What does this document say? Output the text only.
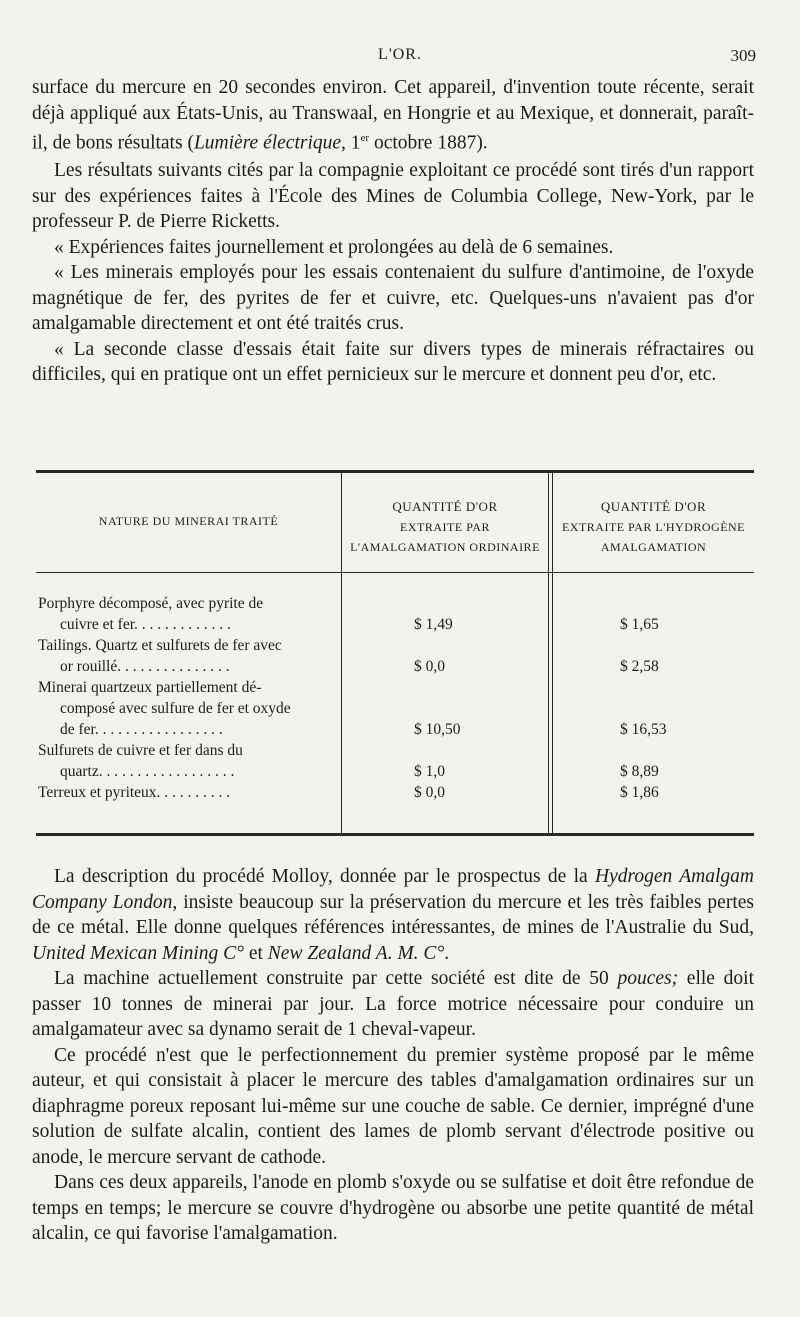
L'OR.	309

surface du mercure en 20 secondes environ. Cet appareil, d'invention toute récente, serait déjà appliqué aux États-Unis, au Transwaal, en Hongrie et au Mexique, et donnerait, paraît-il, de bons résultats (Lumière électrique, 1er octobre 1887).

Les résultats suivants cités par la compagnie exploitant ce procédé sont tirés d'un rapport sur des expériences faites à l'École des Mines de Columbia College, New-York, par le professeur P. de Pierre Ricketts.

« Expériences faites journellement et prolongées au delà de 6 semaines.

« Les minerais employés pour les essais contenaient du sulfure d'antimoine, de l'oxyde magnétique de fer, des pyrites de fer et cuivre, etc. Quelques-uns n'avaient pas d'or amalgamable directement et ont été traités crus.

« La seconde classe d'essais était faite sur divers types de minerais réfractaires ou difficiles, qui en pratique ont un effet pernicieux sur le mercure et donnent peu d'or, etc.

NATURE DU MINERAI TRAITÉ
QUANTITÉ D'OR
EXTRAITE PAR
L'AMALGAMATION ORDINAIRE
QUANTITÉ D'OR
EXTRAITE PAR L'HYDROGÈNE
AMALGAMATION
Porphyre décomposé, avec pyrite de
cuivre et fer. . . . . . . . . . . . .	$ 1,49	$ 1,65
Tailings. Quartz et sulfurets de fer avec
or rouillé. . . . . . . . . . . . . . .	$ 0,0	$ 2,58
Minerai quartzeux partiellement dé-
composé avec sulfure de fer et oxyde
de fer. . . . . . . . . . . . . . . . .	$ 10,50	$ 16,53
Sulfurets de cuivre et fer dans du
quartz. . . . . . . . . . . . . . . . . .	$ 1,0	$ 8,89
Terreux et pyriteux. . . . . . . . . .	$ 0,0	$ 1,86

La description du procédé Molloy, donnée par le prospectus de la Hydrogen Amalgam Company London, insiste beaucoup sur la préservation du mercure et les très faibles pertes de ce métal. Elle donne quelques références intéressantes, de mines de l'Australie du Sud, United Mexican Mining C° et New Zealand A. M. C°.

La machine actuellement construite par cette société est dite de 50 pouces; elle doit passer 10 tonnes de minerai par jour. La force motrice nécessaire pour conduire un amalgamateur avec sa dynamo serait de 1 cheval-vapeur.

Ce procédé n'est que le perfectionnement du premier système proposé par le même auteur, et qui consistait à placer le mercure des tables d'amalgamation ordinaires sur un diaphragme poreux reposant lui-même sur une couche de sable. Ce dernier, imprégné d'une solution de sulfate alcalin, contient des lames de plomb servant d'électrode positive ou anode, le mercure servant de cathode.

Dans ces deux appareils, l'anode en plomb s'oxyde ou se sulfatise et doit être refondue de temps en temps; le mercure se couvre d'hydrogène ou absorbe une petite quantité de métal alcalin, ce qui favorise l'amalgamation.
